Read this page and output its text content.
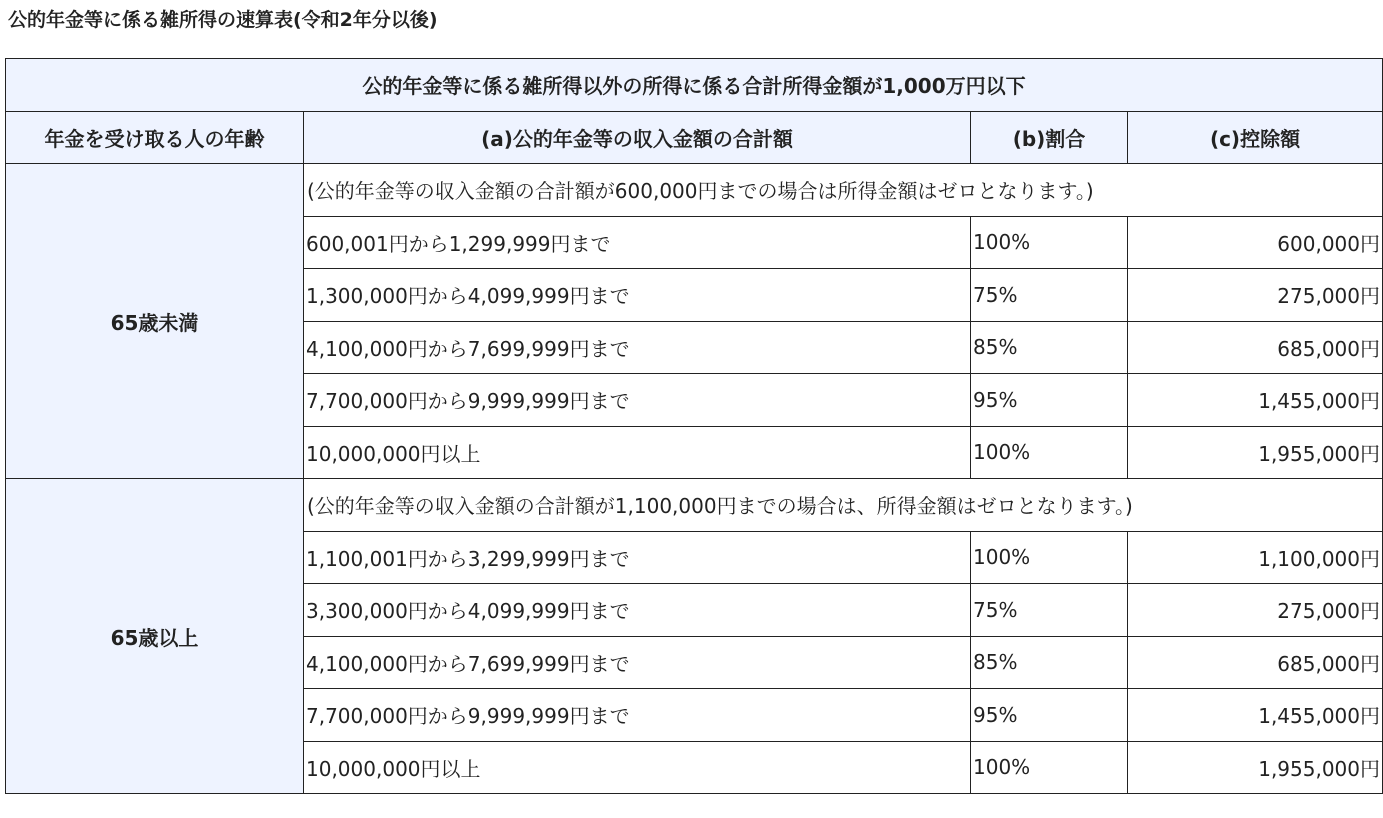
公的年金等に係る雑所得の速算表(令和2年分以後)
公的年金等に係る雑所得以外の所得に係る合計所得金額が1,000万円以下			
年金を受け取る人の年齢	(a)公的年金等の収入金額の合計額	(b)割合	(c)控除額
65歳未満	(公的年金等の収入金額の合計額が600,000円までの場合は所得金額はゼロとなります。)		
	600,001円から1,299,999円まで	100%	600,000円
	1,300,000円から4,099,999円まで	75%	275,000円
	4,100,000円から7,699,999円まで	85%	685,000円
	7,700,000円から9,999,999円まで	95%	1,455,000円
	10,000,000円以上	100%	1,955,000円
65歳以上	(公的年金等の収入金額の合計額が1,100,000円までの場合は、所得金額はゼロとなります。)		
	1,100,001円から3,299,999円まで	100%	1,100,000円
	3,300,000円から4,099,999円まで	75%	275,000円
	4,100,000円から7,699,999円まで	85%	685,000円
	7,700,000円から9,999,999円まで	95%	1,455,000円
	10,000,000円以上	100%	1,955,000円
